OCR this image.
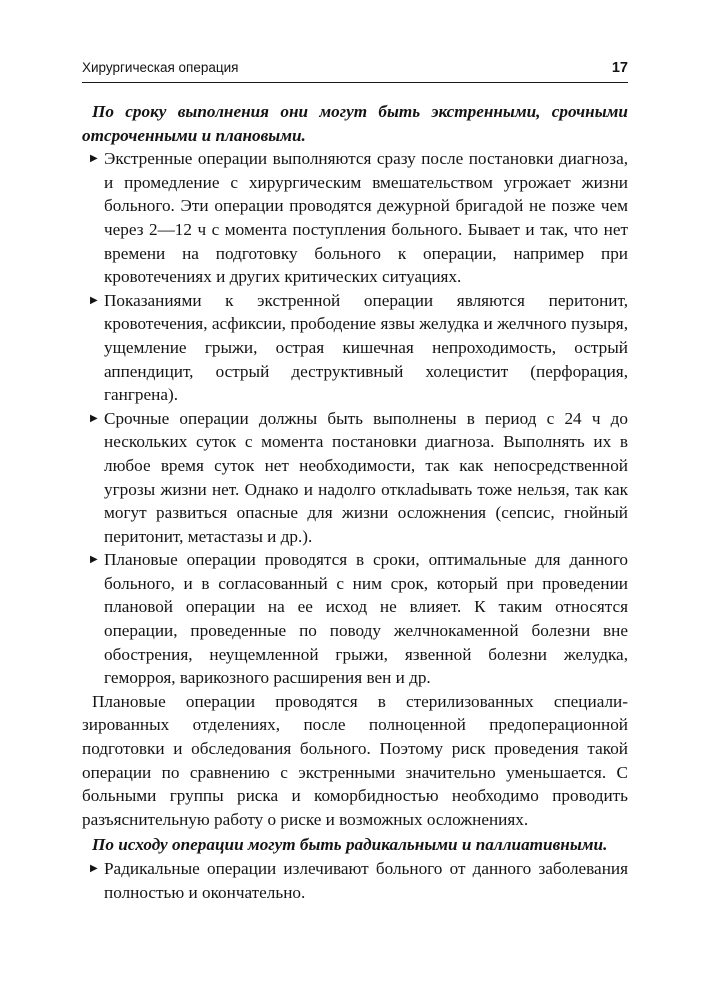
Хирургическая операция	17

По сроку выполнения они могут быть экстренными, срочными отсроченными и плановыми.

▶ Экстренные операции выполняются сразу после постановки диагноза, и промедление с хирургическим вмешательством угрожает жизни больного. Эти операции проводятся дежурной бригадой не позже чем через 2—12 ч с момента поступления больного. Бывает и так, что нет времени на подготовку больного к операции, например при кровотечениях и других критических ситуациях.
▶ Показаниями к экстренной операции являются перитонит, кровотечения, асфиксии, прободение язвы желудка и желчного пузыря, ущемление грыжи, острая кишечная непроходимость, острый аппендицит, острый деструктивный холецистит (перфорация, гангрена).
▶ Срочные операции должны быть выполнены в период с 24 ч до нескольких суток с момента постановки диагноза. Выполнять их в любое время суток нет необходимости, так как непосредственной угрозы жизни нет. Однако и надолго отклаdывать тоже нельзя, так как могут развиться опасные для жизни осложнения (сепсис, гнойный перитонит, метастазы и др.).
▶ Плановые операции проводятся в сроки, оптимальные для данного больного, и в согласованный с ним срок, который при проведении плановой операции на ее исход не влияет. К таким относятся операции, проведенные по поводу желчнокаменной болезни вне обострения, неущемленной грыжи, язвенной болезни желудка, геморроя, варикозного расширения вен и др.

Плановые операции проводятся в стерилизованных специализированных отделениях, после полноценной предоперационной подготовки и обследования больного. Поэтому риск проведения такой операции по сравнению с экстренными значительно уменьшается. С больными группы риска и коморбидностью необходимо проводить разъяснительную работу о риске и возможных осложнениях.

По исходу операции могут быть радикальными и паллиативными.

▶ Радикальные операции излечивают больного от данного заболевания полностью и окончательно.
